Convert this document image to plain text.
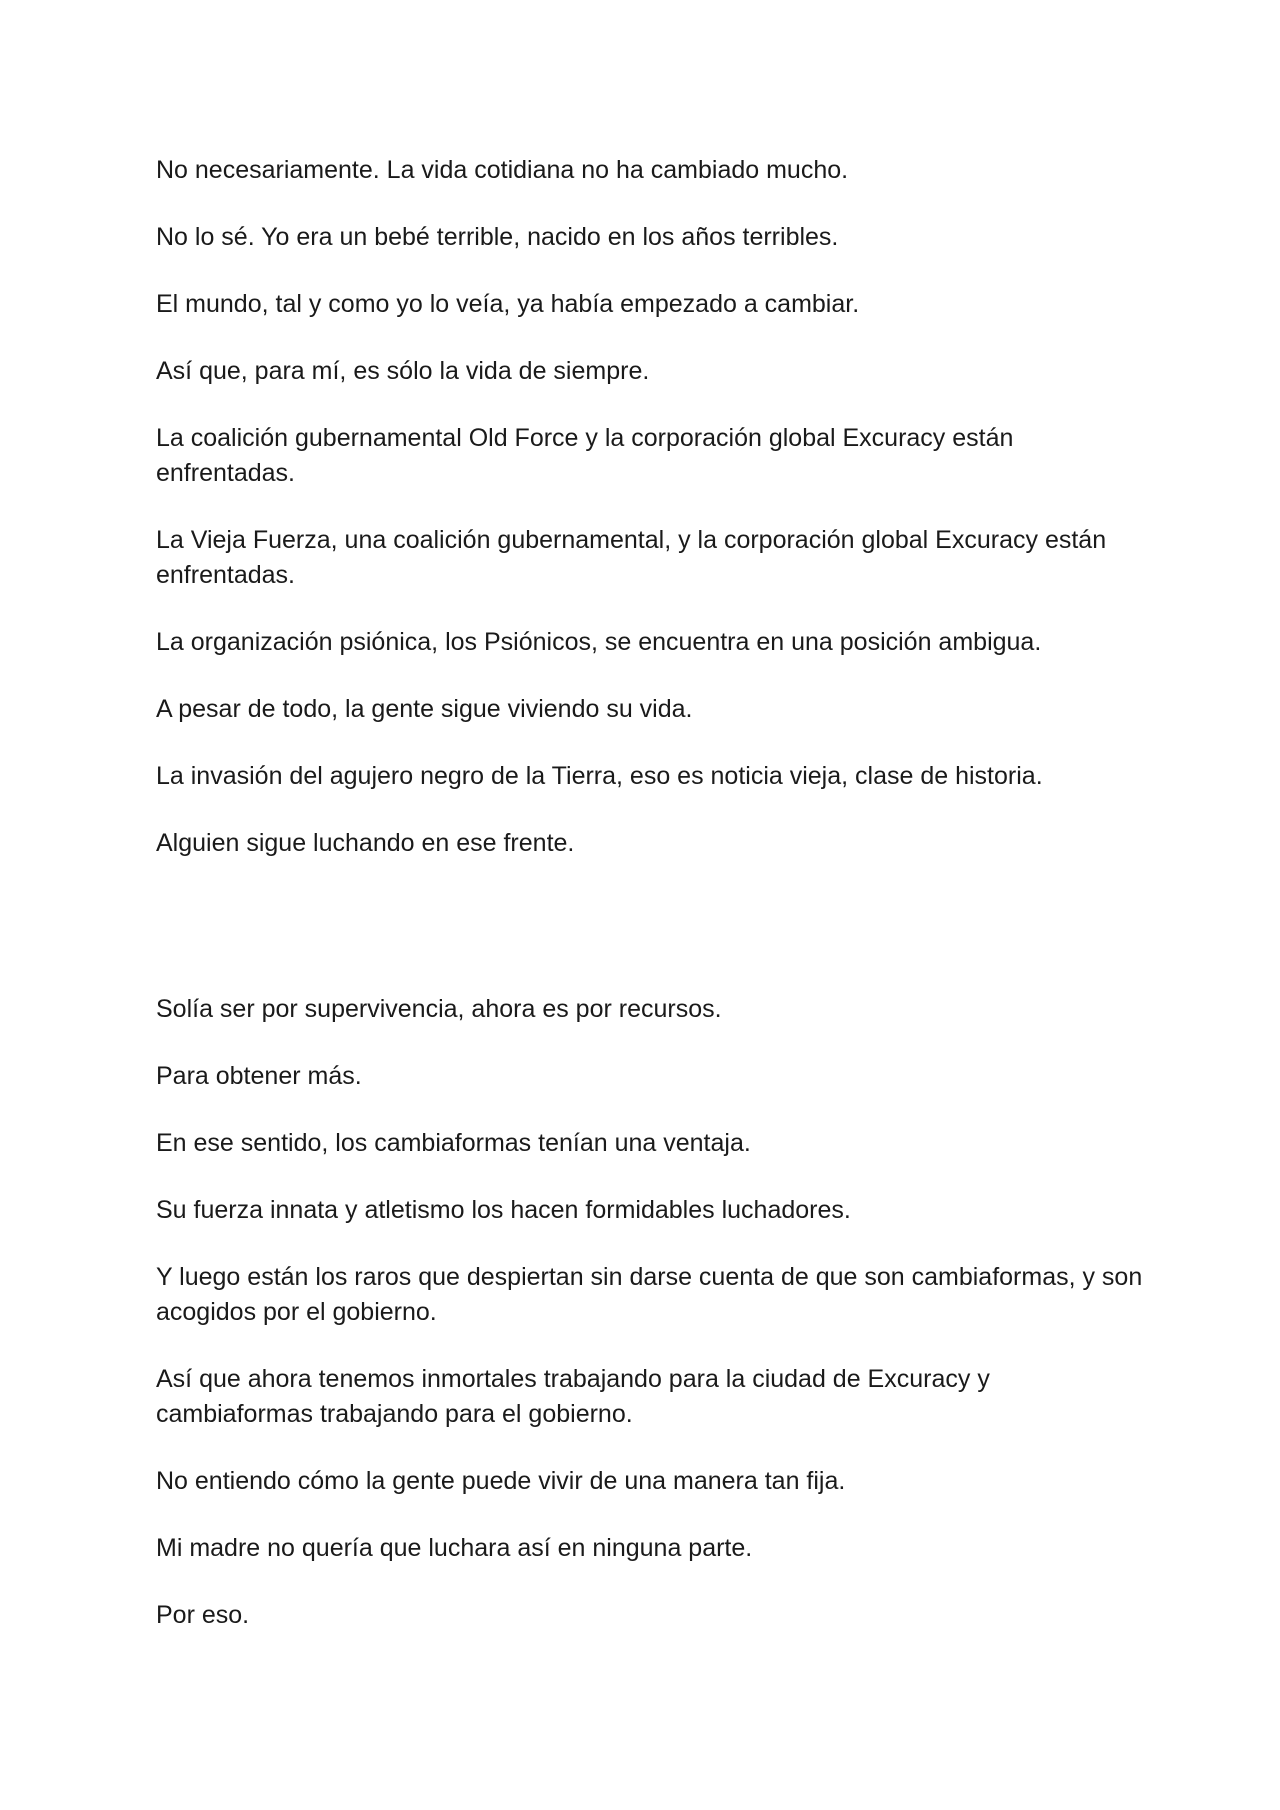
No necesariamente. La vida cotidiana no ha cambiado mucho.

No lo sé. Yo era un bebé terrible, nacido en los años terribles.

El mundo, tal y como yo lo veía, ya había empezado a cambiar.

Así que, para mí, es sólo la vida de siempre.

La coalición gubernamental Old Force y la corporación global Excuracy están enfrentadas.

La Vieja Fuerza, una coalición gubernamental, y la corporación global Excuracy están enfrentadas.

La organización psiónica, los Psiónicos, se encuentra en una posición ambigua.

A pesar de todo, la gente sigue viviendo su vida.

La invasión del agujero negro de la Tierra, eso es noticia vieja, clase de historia.

Alguien sigue luchando en ese frente.

Solía ser por supervivencia, ahora es por recursos.

Para obtener más.

En ese sentido, los cambiaformas tenían una ventaja.

Su fuerza innata y atletismo los hacen formidables luchadores.

Y luego están los raros que despiertan sin darse cuenta de que son cambiaformas, y son acogidos por el gobierno.

Así que ahora tenemos inmortales trabajando para la ciudad de Excuracy y cambiaformas trabajando para el gobierno.

No entiendo cómo la gente puede vivir de una manera tan fija.

Mi madre no quería que luchara así en ninguna parte.

Por eso.
